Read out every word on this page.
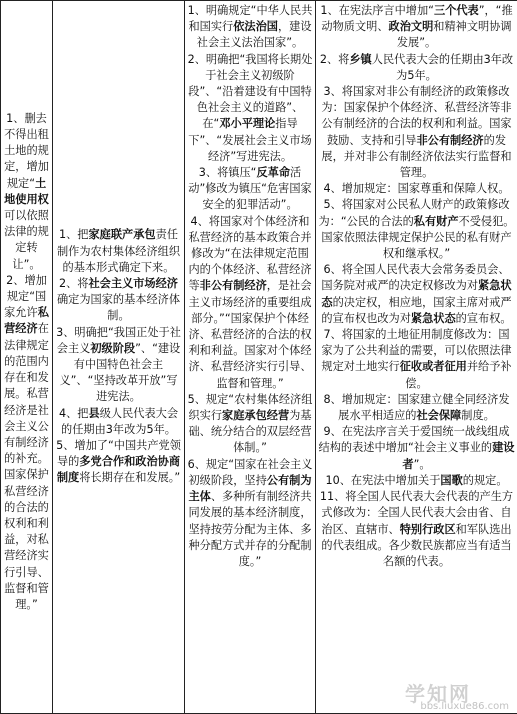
1、删去不得出租土地的规定，增加规定“土地使用权可以依照法律的规定转让”。
2、增加规定“国家允许私营经济在法律规定的范围内存在和发展。私营经济是社会主义公有制经济的补充。国家保护私营经济的合法的权利和利益，对私营经济实行引导、监督和管理。”

1、把家庭联产承包责任制作为农村集体经济组织的基本形式确定下来。
2、将社会主义市场经济确定为国家的基本经济体制。
3、明确把“我国正处于社会主义初级阶段”、“建设有中国特色社会主义”、“坚持改革开放”写进宪法。
4、把县级人民代表大会的任期由3年改为5年。
5、增加了“中国共产党领导的多党合作和政治协商制度将长期存在和发展。”

1、明确规定“中华人民共和国实行依法治国，建设社会主义法治国家”。
2、明确把“我国将长期处于社会主义初级阶段”、“沿着建设有中国特色社会主义的道路”、在“邓小平理论指导下”、“发展社会主义市场经济”写进宪法。
3、将镇压“反革命活动”修改为镇压“危害国家安全的犯罪活动”。
4、将国家对个体经济和私营经济的基本政策合并修改为“在法律规定范围内的个体经济、私营经济等非公有制经济，是社会主义市场经济的重要组成部分。”“国家保护个体经济、私营经济的合法的权利和利益。国家对个体经济、私营经济实行引导、监督和管理。”
5、规定“农村集体经济组织实行家庭承包经营为基础、统分结合的双层经营体制。”
6、规定“国家在社会主义初级阶段，坚持公有制为主体、多种所有制经济共同发展的基本经济制度，坚持按劳分配为主体、多种分配方式并存的分配制度。”

1、在宪法序言中增加“三个代表”，“推动物质文明、政治文明和精神文明协调发展”。
2、将乡镇人民代表大会的任期由3年改为5年。
3、将国家对非公有制经济的政策修改为：国家保护个体经济、私营经济等非公有制经济的合法的权利和利益。国家鼓励、支持和引导非公有制经济的发展，并对非公有制经济依法实行监督和管理。
4、增加规定：国家尊重和保障人权。
5、将国家对公民私人财产的政策修改为：“公民的合法的私有财产不受侵犯。国家依照法律规定保护公民的私有财产权和继承权。”
6、将全国人民代表大会常务委员会、国务院对戒严的决定权修改为对紧急状态的决定权，相应地，国家主席对戒严的宣布权也改为对紧急状态的宣布权。
7、将国家的土地征用制度修改为：国家为了公共利益的需要，可以依照法律规定对土地实行征收或者征用并给予补偿。
8、增加规定：国家建立健全同经济发展水平相适应的社会保障制度。
9、在宪法序言关于爱国统一战线组成结构的表述中增加“社会主义事业的建设者”。
10、在宪法中增加关于国歌的规定。
11、将全国人民代表大会代表的产生方式修改为：全国人民代表大会由省、自治区、直辖市、特别行政区和军队选出的代表组成。各少数民族都应当有适当名额的代表。
学知网
bbs.liuxue86.com
